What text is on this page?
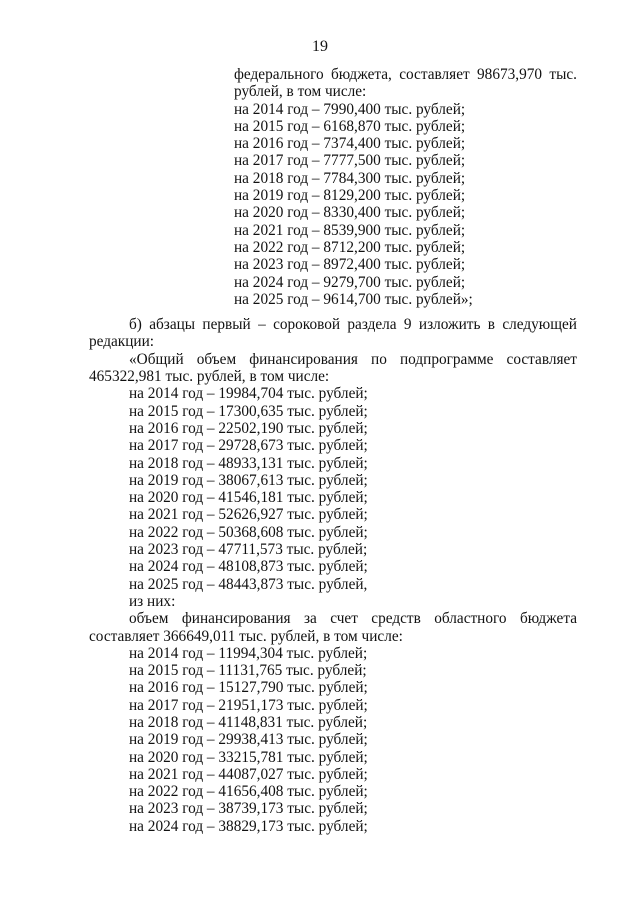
19
федерального бюджета, составляет 98673,970 тыс.
рублей, в том числе:
на 2014 год – 7990,400 тыс. рублей;
на 2015 год – 6168,870 тыс. рублей;
на 2016 год – 7374,400 тыс. рублей;
на 2017 год – 7777,500 тыс. рублей;
на 2018 год – 7784,300 тыс. рублей;
на 2019 год – 8129,200 тыс. рублей;
на 2020 год – 8330,400 тыс. рублей;
на 2021 год – 8539,900 тыс. рублей;
на 2022 год – 8712,200 тыс. рублей;
на 2023 год – 8972,400 тыс. рублей;
на 2024 год – 9279,700 тыс. рублей;
на 2025 год – 9614,700 тыс. рублей»;
б) абзацы первый – сороковой раздела 9 изложить в следующей
редакции:
«Общий объем финансирования по подпрограмме составляет
465322,981 тыс. рублей, в том числе:
на 2014 год – 19984,704 тыс. рублей;
на 2015 год – 17300,635 тыс. рублей;
на 2016 год – 22502,190 тыс. рублей;
на 2017 год – 29728,673 тыс. рублей;
на 2018 год – 48933,131 тыс. рублей;
на 2019 год – 38067,613 тыс. рублей;
на 2020 год – 41546,181 тыс. рублей;
на 2021 год – 52626,927 тыс. рублей;
на 2022 год – 50368,608 тыс. рублей;
на 2023 год – 47711,573 тыс. рублей;
на 2024 год – 48108,873 тыс. рублей;
на 2025 год – 48443,873 тыс. рублей,
из них:
объем финансирования за счет средств областного бюджета
составляет 366649,011 тыс. рублей, в том числе:
на 2014 год – 11994,304 тыс. рублей;
на 2015 год – 11131,765 тыс. рублей;
на 2016 год – 15127,790 тыс. рублей;
на 2017 год – 21951,173 тыс. рублей;
на 2018 год – 41148,831 тыс. рублей;
на 2019 год – 29938,413 тыс. рублей;
на 2020 год – 33215,781 тыс. рублей;
на 2021 год – 44087,027 тыс. рублей;
на 2022 год – 41656,408 тыс. рублей;
на 2023 год – 38739,173 тыс. рублей;
на 2024 год – 38829,173 тыс. рублей;
